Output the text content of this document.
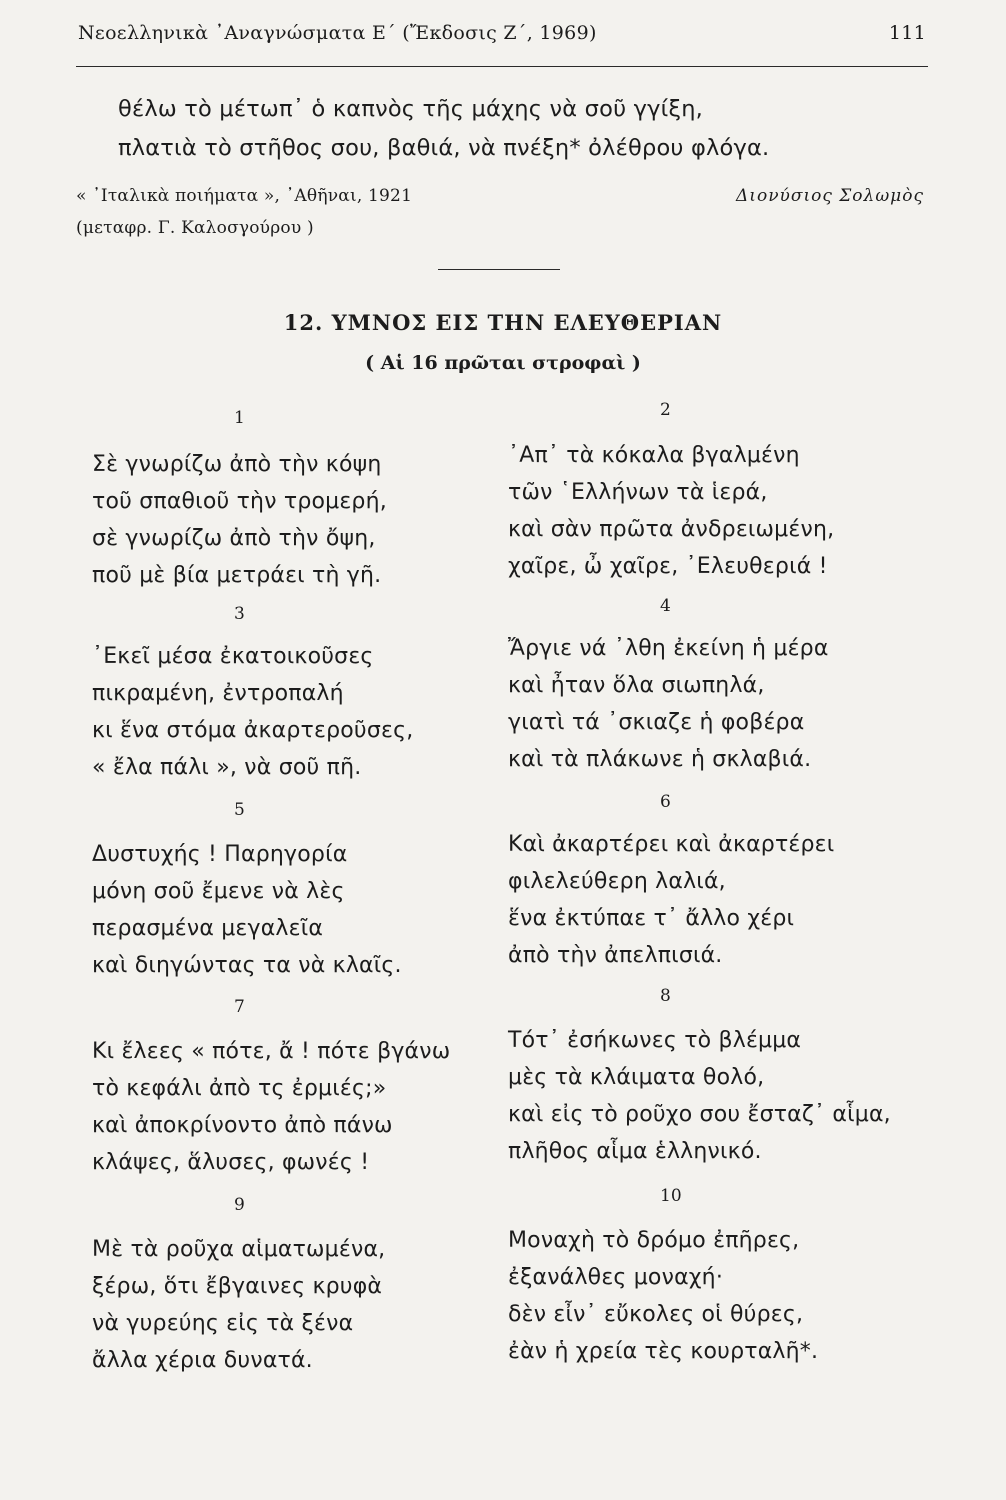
Νεοελληνικὰ ᾿Αναγνώσματα Ε΄ (Ἔκδοσις Ζ΄, 1969)	111
θέλω τὸ μέτωπ᾿ ὁ καπνὸς τῆς μάχης νὰ σοῦ γγίξη,
πλατιὰ τὸ στῆθος σου, βαθιά, νὰ πνέξη* ὀλέθρου φλόγα.
« ᾿Ιταλικὰ ποιήματα », ᾿Αθῆναι, 1921
(μεταφρ. Γ. Καλοσγούρου )
Διονύσιος Σολωμὸς
12. ΥΜΝΟΣ ΕΙΣ ΤΗΝ ΕΛΕΥΘΕΡΙΑΝ
( Αἱ 16 πρῶται στροφαὶ )
1
Σὲ γνωρίζω ἀπὸ τὴν κόψη
τοῦ σπαθιοῦ τὴν τρομερή,
σὲ γνωρίζω ἀπὸ τὴν ὄψη,
ποῦ μὲ βία μετράει τὴ γῆ.
2
᾿Απ᾿ τὰ κόκαλα βγαλμένη
τῶν ῾Ελλήνων τὰ ἱερά,
καὶ σὰν πρῶτα ἀνδρειωμένη,
χαῖρε, ὦ χαῖρε, ᾿Ελευθεριά !
3
᾿Εκεῖ μέσα ἐκατοικοῦσες
πικραμένη, ἐντροπαλή
κι ἕνα στόμα ἀκαρτεροῦσες,
« ἔλα πάλι », νὰ σοῦ πῆ.
4
Ἄργιε νά ᾿λθη ἐκείνη ἡ μέρα
καὶ ἦταν ὅλα σιωπηλά,
γιατὶ τά ᾿σκιαζε ἡ φοβέρα
καὶ τὰ πλάκωνε ἡ σκλαβιά.
5
Δυστυχής ! Παρηγορία
μόνη σοῦ ἔμενε νὰ λὲς
περασμένα μεγαλεῖα
καὶ διηγώντας τα νὰ κλαῖς.
6
Καὶ ἀκαρτέρει καὶ ἀκαρτέρει
φιλελεύθερη λαλιά,
ἕνα ἐκτύπαε τ᾿ ἄλλο χέρι
ἀπὸ τὴν ἀπελπισιά.
7
Κι ἔλεες « πότε, ἄ ! πότε βγάνω
τὸ κεφάλι ἀπὸ τς ἐρμιές;»
καὶ ἀποκρίνοντο ἀπὸ πάνω
κλάψες, ἅλυσες, φωνές !
8
Τότ᾿ ἐσήκωνες τὸ βλέμμα
μὲς τὰ κλάιματα θολό,
καὶ εἰς τὸ ροῦχο σου ἔσταζ᾿ αἷμα,
πλῆθος αἷμα ἑλληνικό.
9
Μὲ τὰ ροῦχα αἱματωμένα,
ξέρω, ὅτι ἔβγαινες κρυφὰ
νὰ γυρεύης εἰς τὰ ξένα
ἄλλα χέρια δυνατά.
10
Μοναχὴ τὸ δρόμο ἐπῆρες,
ἐξανάλθες μοναχή·
δὲν εἶν᾿ εὔκολες οἱ θύρες,
ἐὰν ἡ χρεία τὲς κουρταλῆ*.
